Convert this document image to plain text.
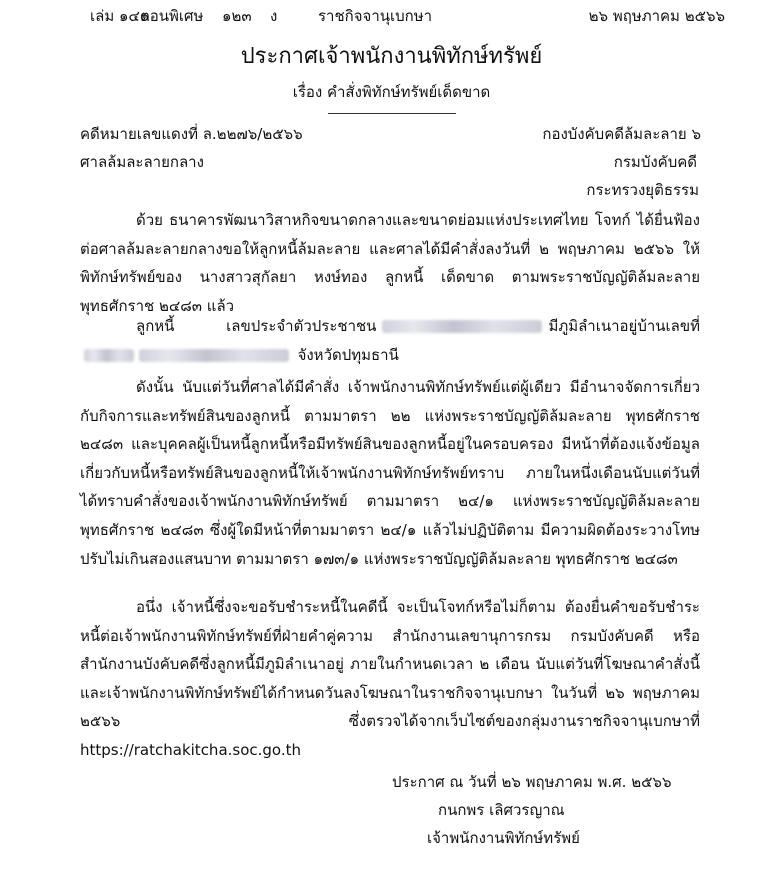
เล่ม ๑๔๐
ตอนพิเศษ ๑๒๓ ง	ราชกิจจานุเบกษา	๒๖ พฤษภาคม ๒๕๖๖
ประกาศเจ้าพนักงานพิทักษ์ทรัพย์
เรื่อง คำสั่งพิทักษ์ทรัพย์เด็ดขาด
คดีหมายเลขแดงที่ ล.๒๒๗๖/๒๕๖๖
ศาลล้มละลายกลาง
กองบังคับคดีล้มละลาย ๖
กรมบังคับคดี
กระทรวงยุติธรรม
ด้วย ธนาคารพัฒนาวิสาหกิจขนาดกลางและขนาดย่อมแห่งประเทศไทย โจทก์ ได้ยื่นฟ้องต่อศาลล้มละลายกลางขอให้ลูกหนี้ล้มละลาย และศาลได้มีคำสั่งลงวันที่ ๒ พฤษภาคม ๒๕๖๖ ให้พิทักษ์ทรัพย์ของ นางสาวสุกัลยา หงษ์ทอง ลูกหนี้ เด็ดขาด ตามพระราชบัญญัติล้มละลาย พุทธศักราช ๒๔๘๓ แล้ว
ลูกหนี้ เลขประจำตัวประชาชน	มีภูมิลำเนาอยู่บ้านเลขที่  จังหวัดปทุมธานี
ดังนั้น นับแต่วันที่ศาลได้มีคำสั่ง เจ้าพนักงานพิทักษ์ทรัพย์แต่ผู้เดียว มีอำนาจจัดการเกี่ยวกับกิจการและทรัพย์สินของลูกหนี้ ตามมาตรา ๒๒ แห่งพระราชบัญญัติล้มละลาย พุทธศักราช ๒๔๘๓ และบุคคลผู้เป็นหนี้ลูกหนี้หรือมีทรัพย์สินของลูกหนี้อยู่ในครอบครอง มีหน้าที่ต้องแจ้งข้อมูลเกี่ยวกับหนี้หรือทรัพย์สินของลูกหนี้ให้เจ้าพนักงานพิทักษ์ทรัพย์ทราบ ภายในหนึ่งเดือนนับแต่วันที่ได้ทราบคำสั่งของเจ้าพนักงานพิทักษ์ทรัพย์ ตามมาตรา ๒๔/๑ แห่งพระราชบัญญัติล้มละลาย พุทธศักราช ๒๔๘๓ ซึ่งผู้ใดมีหน้าที่ตามมาตรา ๒๔/๑ แล้วไม่ปฏิบัติตาม มีความผิดต้องระวางโทษปรับไม่เกินสองแสนบาท ตามมาตรา ๑๗๓/๑ แห่งพระราชบัญญัติล้มละลาย พุทธศักราช ๒๔๘๓
อนึ่ง เจ้าหนี้ซึ่งจะขอรับชำระหนี้ในคดีนี้ จะเป็นโจทก์หรือไม่ก็ตาม ต้องยื่นคำขอรับชำระหนี้ต่อเจ้าพนักงานพิทักษ์ทรัพย์ที่ฝ่ายคำคู่ความ สำนักงานเลขานุการกรม กรมบังคับคดี หรือ สำนักงานบังคับคดีซึ่งลูกหนี้มีภูมิลำเนาอยู่ ภายในกำหนดเวลา ๒ เดือน นับแต่วันที่โฆษณาคำสั่งนี้ และเจ้าพนักงานพิทักษ์ทรัพย์ได้กำหนดวันลงโฆษณาในราชกิจจานุเบกษา ในวันที่ ๒๖ พฤษภาคม ๒๕๖๖ ซึ่งตรวจได้จากเว็บไซต์ของกลุ่มงานราชกิจจานุเบกษาที่ https://ratchakitcha.soc.go.th
ประกาศ ณ วันที่ ๒๖ พฤษภาคม พ.ศ. ๒๕๖๖
กนกพร เลิศวรญาณ
เจ้าพนักงานพิทักษ์ทรัพย์
